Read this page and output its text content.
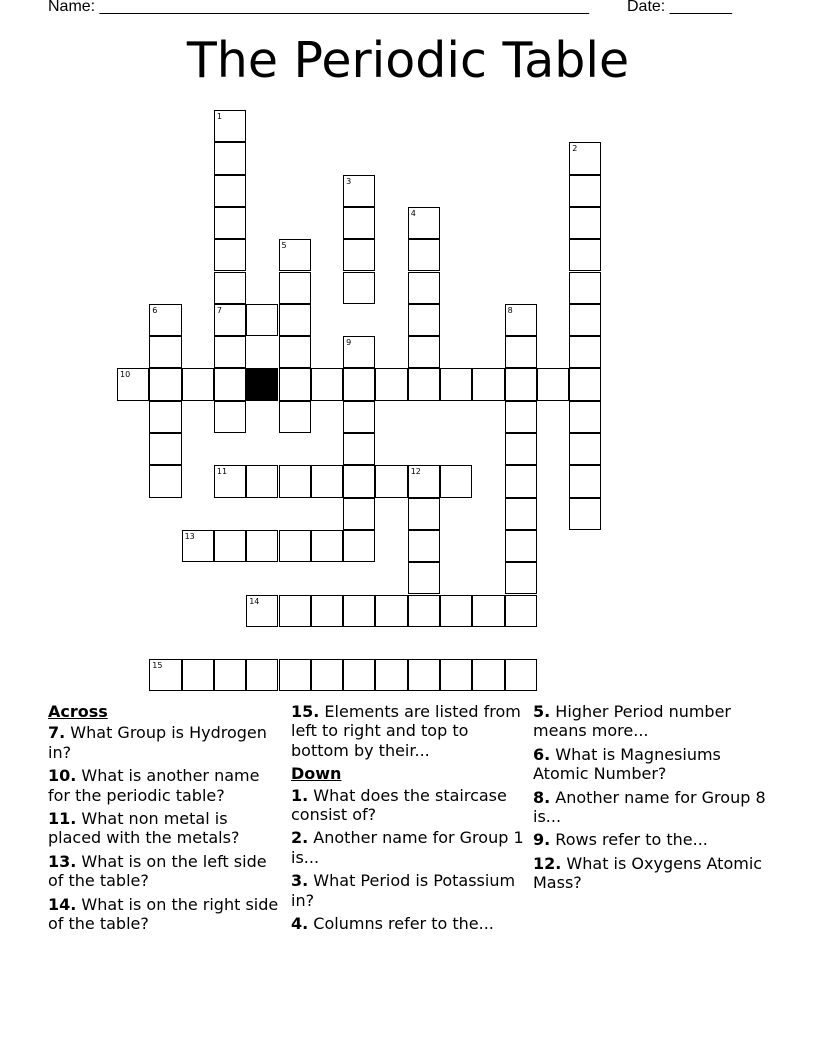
Name: _______________________________________________________ Date: _______
The Periodic Table
1
7
2
3
4
5
6	8
9
10
11	12
13
14
15
Across
7. What Group is Hydrogen in?
10. What is another name for the periodic table?
11. What non metal is placed with the metals?
13. What is on the left side of the table?
14. What is on the right side of the table?
15. Elements are listed from left to right and top to bottom by their...
Down
1. What does the staircase consist of?
2. Another name for Group 1 is...
3. What Period is Potassium in?
4. Columns refer to the...
5. Higher Period number means more...
6. What is Magnesiums Atomic Number?
8. Another name for Group 8 is...
9. Rows refer to the...
12. What is Oxygens Atomic Mass?
